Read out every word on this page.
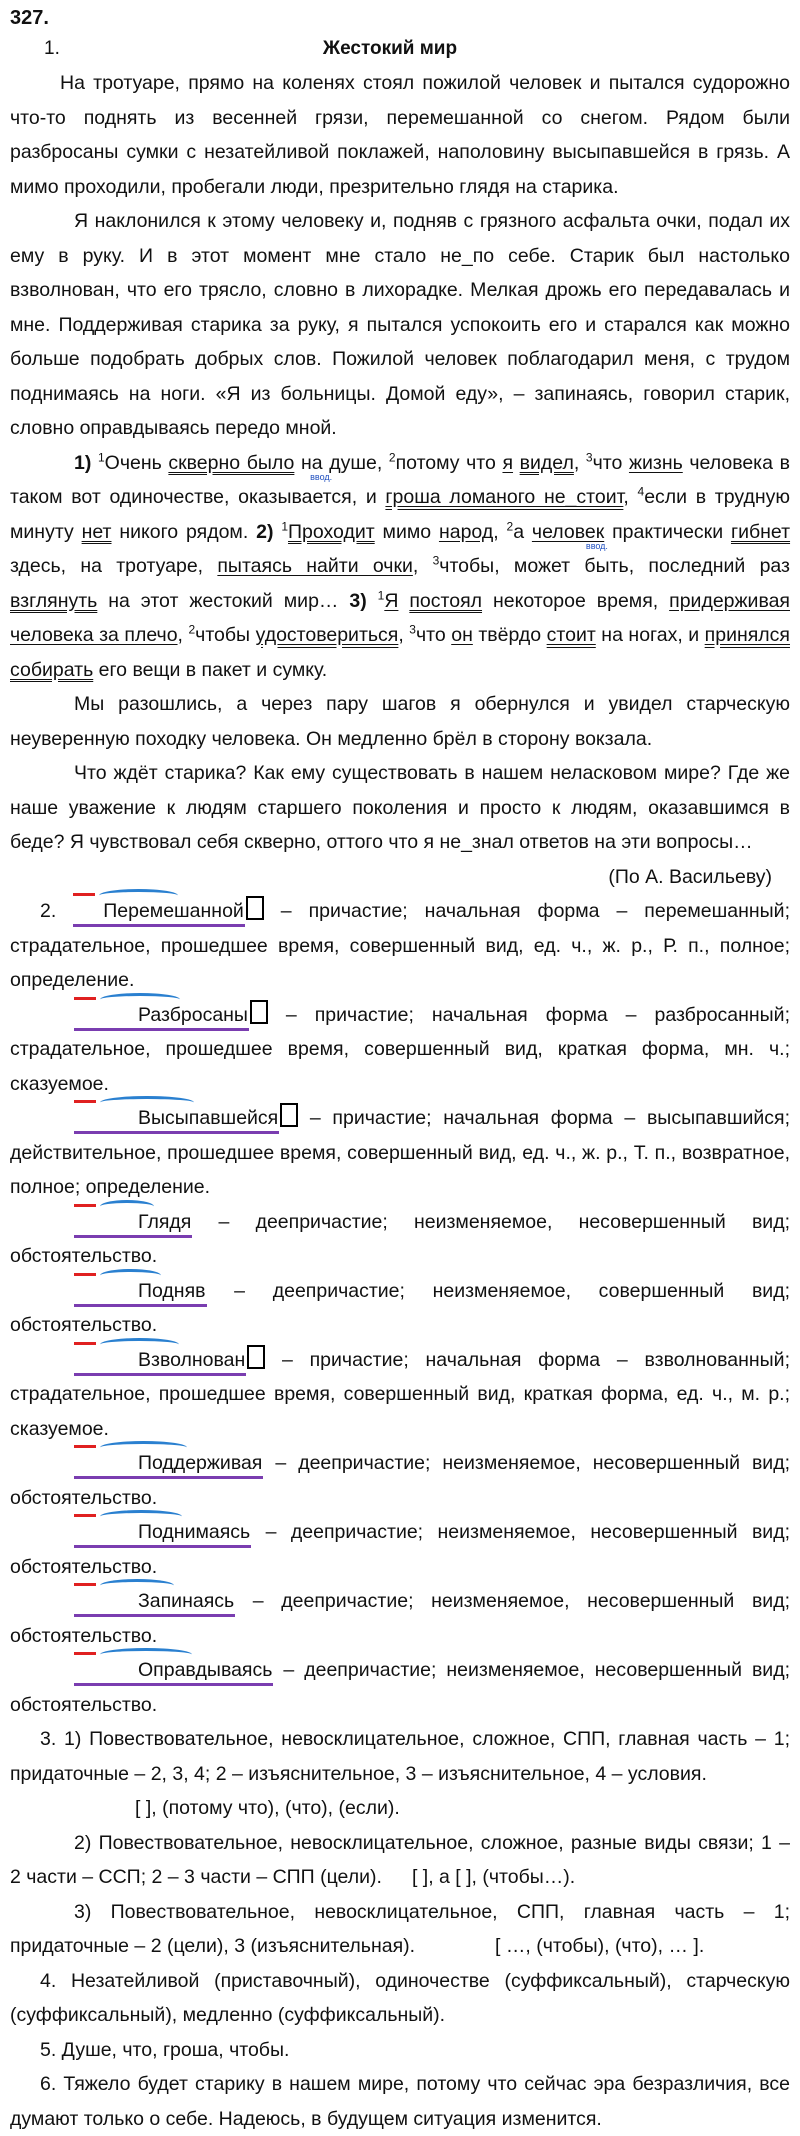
327.
1.	Жестокий мир

На тротуаре, прямо на коленях стоял пожилой человек и пытался судорожно что-то поднять из весенней грязи, перемешанной со снегом. Рядом были разбросаны сумки с незатейливой поклажей, наполовину высыпавшейся в грязь. А мимо проходили, пробегали люди, презрительно глядя на старика.

Я наклонился к этому человеку и, подняв с грязного асфальта очки, подал их ему в руку. И в этот момент мне стало не_по себе. Старик был настолько взволнован, что его трясло, словно в лихорадке. Мелкая дрожь его передавалась и мне. Поддерживая старика за руку, я пытался успокоить его и старался как можно больше подобрать добрых слов. Пожилой человек поблагодарил меня, с трудом поднимаясь на ноги. «Я из больницы. Домой еду», – запинаясь, говорил старик, словно оправдываясь передо мной.

1) $^1$Очень скверно было на душе, $^2$потому что я видел, $^3$что жизнь человека в таком вот одиночестве, ввод. оказывается, и гроша ломаного не_стоит, $^4$если в трудную минуту нет никого рядом. 2) $^1$Проходит мимо народ, $^2$а человек практически гибнет здесь, на тротуаре, пытаясь найти очки, $^3$чтобы, ввод. может быть, последний раз взглянуть на этот жестокий мир… 3) $^1$Я постоял некоторое время, придерживая человека за плечо, $^2$чтобы удостовериться, $^3$что он твёрдо стоит на ногах, и принялся собирать его вещи в пакет и сумку.

Мы разошлись, а через пару шагов я обернулся и увидел старческую неуверенную походку человека. Он медленно брёл в сторону вокзала.

Что ждёт старика? Как ему существовать в нашем неласковом мире? Где же наше уважение к людям старшего поколения и просто к людям, оказавшимся в беде? Я чувствовал себя скверно, оттого что я не_знал ответов на эти вопросы…

(По А. Васильеву)

2. Перемешанной – причастие; начальная форма – перемешанный; страдательное, прошедшее время, совершенный вид, ед. ч., ж. р., Р. п., полное; определение.

Разбросаны – причастие; начальная форма – разбросанный; страдательное, прошедшее время, совершенный вид, краткая форма, мн. ч.; сказуемое.

Высыпавшейся – причастие; начальная форма – высыпавшийся; действительное, прошедшее время, совершенный вид, ед. ч., ж. р., Т. п., возвратное, полное; определение.

Глядя – деепричастие; неизменяемое, несовершенный вид; обстоятельство.

Подняв – деепричастие; неизменяемое, совершенный вид; обстоятельство.

Взволнован – причастие; начальная форма – взволнованный; страдательное, прошедшее время, совершенный вид, краткая форма, ед. ч., м. р.; сказуемое.

Поддерживая – деепричастие; неизменяемое, несовершенный вид; обстоятельство.

Поднимаясь – деепричастие; неизменяемое, несовершенный вид; обстоятельство.

Запинаясь – деепричастие; неизменяемое, несовершенный вид; обстоятельство.

Оправдываясь – деепричастие; неизменяемое, несовершенный вид; обстоятельство.

3. 1) Повествовательное, невосклицательное, сложное, СПП, главная часть – 1; придаточные – 2, 3, 4; 2 – изъяснительное, 3 – изъяснительное, 4 – условия.

[ ], (потому что), (что), (если).

2) Повествовательное, невосклицательное, сложное, разные виды связи; 1 – 2 части – ССП; 2 – 3 части – СПП (цели). [ ], а [ ], (чтобы…).

3) Повествовательное, невосклицательное, СПП, главная часть – 1; придаточные – 2 (цели), 3 (изъяснительная).	[ …, (чтобы), (что), … ].

4. Незатейливой (приставочный), одиночестве (суффиксальный), старческую (суффиксальный), медленно (суффиксальный).

5. Душе, что, гроша, чтобы.

6. Тяжело будет старику в нашем мире, потому что сейчас эра безразличия, все думают только о себе. Надеюсь, в будущем ситуация изменится.
